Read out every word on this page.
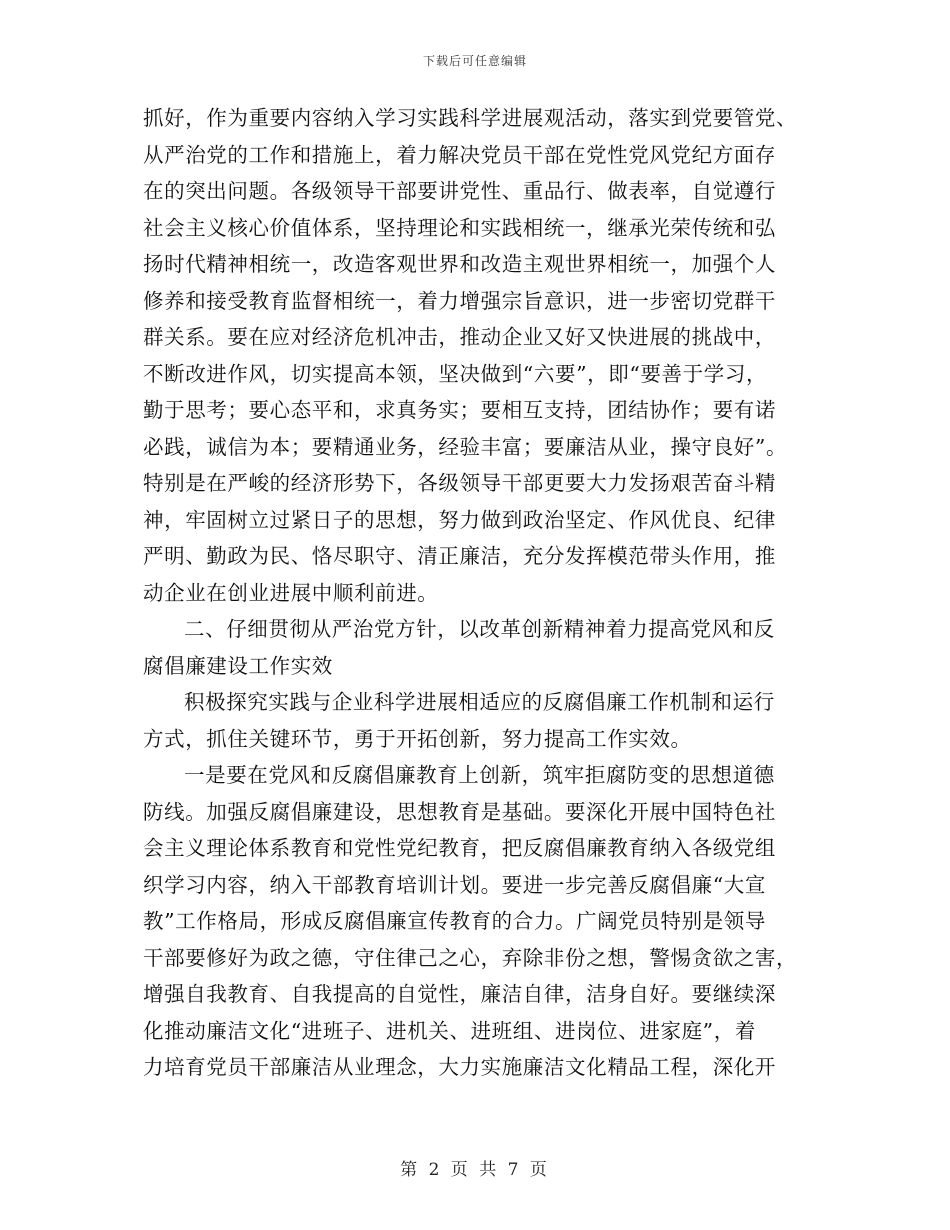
下载后可任意编辑
抓好，作为重要内容纳入学习实践科学进展观活动，落实到党要管党、
从严治党的工作和措施上，着力解决党员干部在党性党风党纪方面存
在的突出问题。各级领导干部要讲党性、重品行、做表率，自觉遵行
社会主义核心价值体系，坚持理论和实践相统一，继承光荣传统和弘
扬时代精神相统一，改造客观世界和改造主观世界相统一，加强个人
修养和接受教育监督相统一，着力增强宗旨意识，进一步密切党群干
群关系。要在应对经济危机冲击，推动企业又好又快进展的挑战中，
不断改进作风，切实提高本领，坚决做到“六要”，即“要善于学习，
勤于思考；要心态平和，求真务实；要相互支持，团结协作；要有诺
必践，诚信为本；要精通业务，经验丰富；要廉洁从业，操守良好”。
特别是在严峻的经济形势下，各级领导干部更要大力发扬艰苦奋斗精
神，牢固树立过紧日子的思想，努力做到政治坚定、作风优良、纪律
严明、勤政为民、恪尽职守、清正廉洁，充分发挥模范带头作用，推
动企业在创业进展中顺利前进。
二、仔细贯彻从严治党方针，以改革创新精神着力提高党风和反
腐倡廉建设工作实效
积极探究实践与企业科学进展相适应的反腐倡廉工作机制和运行
方式，抓住关键环节，勇于开拓创新，努力提高工作实效。
一是要在党风和反腐倡廉教育上创新，筑牢拒腐防变的思想道德
防线。加强反腐倡廉建设，思想教育是基础。要深化开展中国特色社
会主义理论体系教育和党性党纪教育，把反腐倡廉教育纳入各级党组
织学习内容，纳入干部教育培训计划。要进一步完善反腐倡廉“大宣
教”工作格局，形成反腐倡廉宣传教育的合力。广阔党员特别是领导
干部要修好为政之德，守住律己之心，弃除非份之想，警惕贪欲之害，
增强自我教育、自我提高的自觉性，廉洁自律，洁身自好。要继续深
化推动廉洁文化“进班子、进机关、进班组、进岗位、进家庭”，着
力培育党员干部廉洁从业理念，大力实施廉洁文化精品工程，深化开
第 2 页 共 7 页
